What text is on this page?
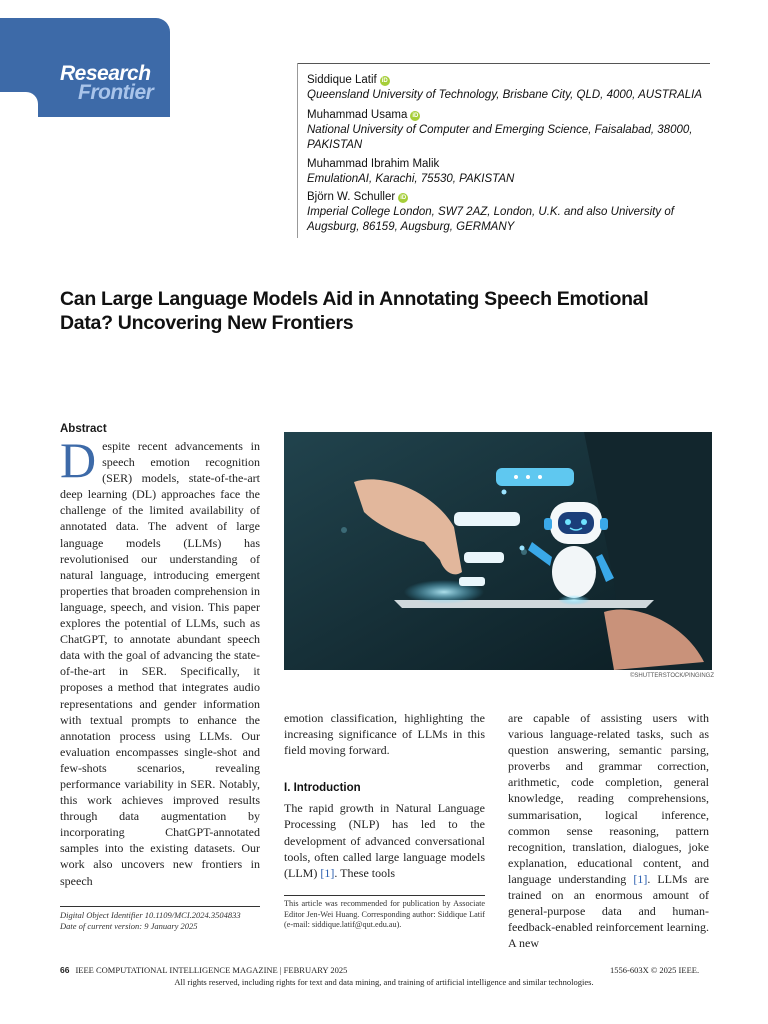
Research
Frontier
Siddique Latif iD
Queensland University of Technology, Brisbane City, QLD, 4000, AUSTRALIA
Muhammad Usama iD
National University of Computer and Emerging Science, Faisalabad, 38000, PAKISTAN
Muhammad Ibrahim Malik
EmulationAI, Karachi, 75530, PAKISTAN
Björn W. Schuller iD
Imperial College London, SW7 2AZ, London, U.K. and also University of Augsburg, 86159, Augsburg, GERMANY
Can Large Language Models Aid in Annotating Speech Emotional Data? Uncovering New Frontiers
Abstract
Despite recent advancements in speech emotion recognition (SER) models, state-of-the-art deep learning (DL) approaches face the challenge of the limited availability of annotated data. The advent of large language models (LLMs) has revolutionised our understanding of natural language, introducing emergent properties that broaden comprehension in language, speech, and vision. This paper explores the potential of LLMs, such as ChatGPT, to annotate abundant speech data with the goal of advancing the state-of-the-art in SER. Specifically, it proposes a method that integrates audio representations and gender information with textual prompts to enhance the annotation process using LLMs. Our evaluation encompasses single-shot and few-shots scenarios, revealing performance variability in SER. Notably, this work achieves improved results through data augmentation by incorporating ChatGPT-annotated samples into the existing datasets. Our work also uncovers new frontiers in speech
Digital Object Identifier 10.1109/MCI.2024.3504833
Date of current version: 9 January 2025
©SHUTTERSTOCK/PINGINGZ

emotion classification, highlighting the increasing significance of LLMs in this field moving forward.

I. Introduction

The rapid growth in Natural Language Processing (NLP) has led to the development of advanced conversational tools, often called large language models (LLM) [1]. These tools

This article was recommended for publication by Associate Editor Jen-Wei Huang. Corresponding author: Siddique Latif (e-mail: siddique.latif@qut.edu.au).

are capable of assisting users with various language-related tasks, such as question answering, semantic parsing, proverbs and grammar correction, arithmetic, code completion, general knowledge, reading comprehensions, summarisation, logical inference, common sense reasoning, pattern recognition, translation, dialogues, joke explanation, educational content, and language understanding [1]. LLMs are trained on an enormous amount of general-purpose data and human-feedback-enabled reinforcement learning. A new

66 IEEE COMPUTATIONAL INTELLIGENCE MAGAZINE | FEBRUARY 2025	1556-603X © 2025 IEEE.
All rights reserved, including rights for text and data mining, and training of artificial intelligence and similar technologies.
